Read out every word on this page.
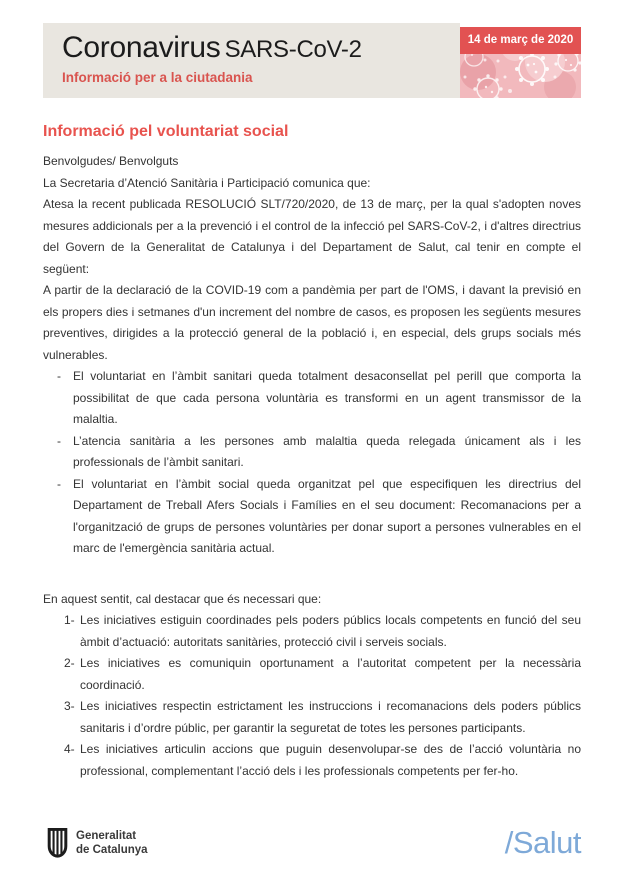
Coronavirus SARS-CoV-2
Informació per a la ciutadania
14 de març de 2020
Informació pel voluntariat social

Benvolgudes/ Benvolguts

La Secretaria d’Atenció Sanitària i Participació comunica que:

Atesa la recent publicada RESOLUCIÓ SLT/720/2020, de 13 de març, per la qual s'adopten noves mesures addicionals per a la prevenció i el control de la infecció pel SARS-CoV-2, i d'altres directrius del Govern de la Generalitat de Catalunya i del Departament de Salut, cal tenir en compte el següent:

A partir de la declaració de la COVID-19 com a pandèmia per part de l'OMS, i davant la previsió en els propers dies i setmanes d'un increment del nombre de casos, es proposen les següents mesures preventives, dirigides a la protecció general de la població i, en especial, dels grups socials més vulnerables.

-	El voluntariat en l’àmbit sanitari queda totalment desaconsellat pel perill que comporta la possibilitat de que cada persona voluntària es transformi en un agent transmissor de la malaltia.
-	L’atencia sanitària a les persones amb malaltia queda relegada únicament als i les professionals de l’àmbit sanitari.
-	El voluntariat en l’àmbit social queda organitzat pel que especifiquen les directrius del Departament de Treball Afers Socials i Famílies en el seu document: Recomanacions per a l'organització de grups de persones voluntàries per donar suport a persones vulnerables en el marc de l'emergència sanitària actual.

En aquest sentit, cal destacar que és necessari que:

1- Les iniciatives estiguin coordinades pels poders públics locals competents en funció del seu àmbit d’actuació: autoritats sanitàries, protecció civil i serveis socials.
2- Les iniciatives es comuniquin oportunament a l’autoritat competent per la necessària coordinació.
3- Les iniciatives respectin estrictament les instruccions i recomanacions dels poders públics sanitaris i d’ordre públic, per garantir la seguretat de totes les persones participants.
4- Les iniciatives articulin accions que puguin desenvolupar-se des de l’acció voluntària no professional, complementant l’acció dels i les professionals competents per fer-ho.
Generalitat
de Catalunya	/Salut
